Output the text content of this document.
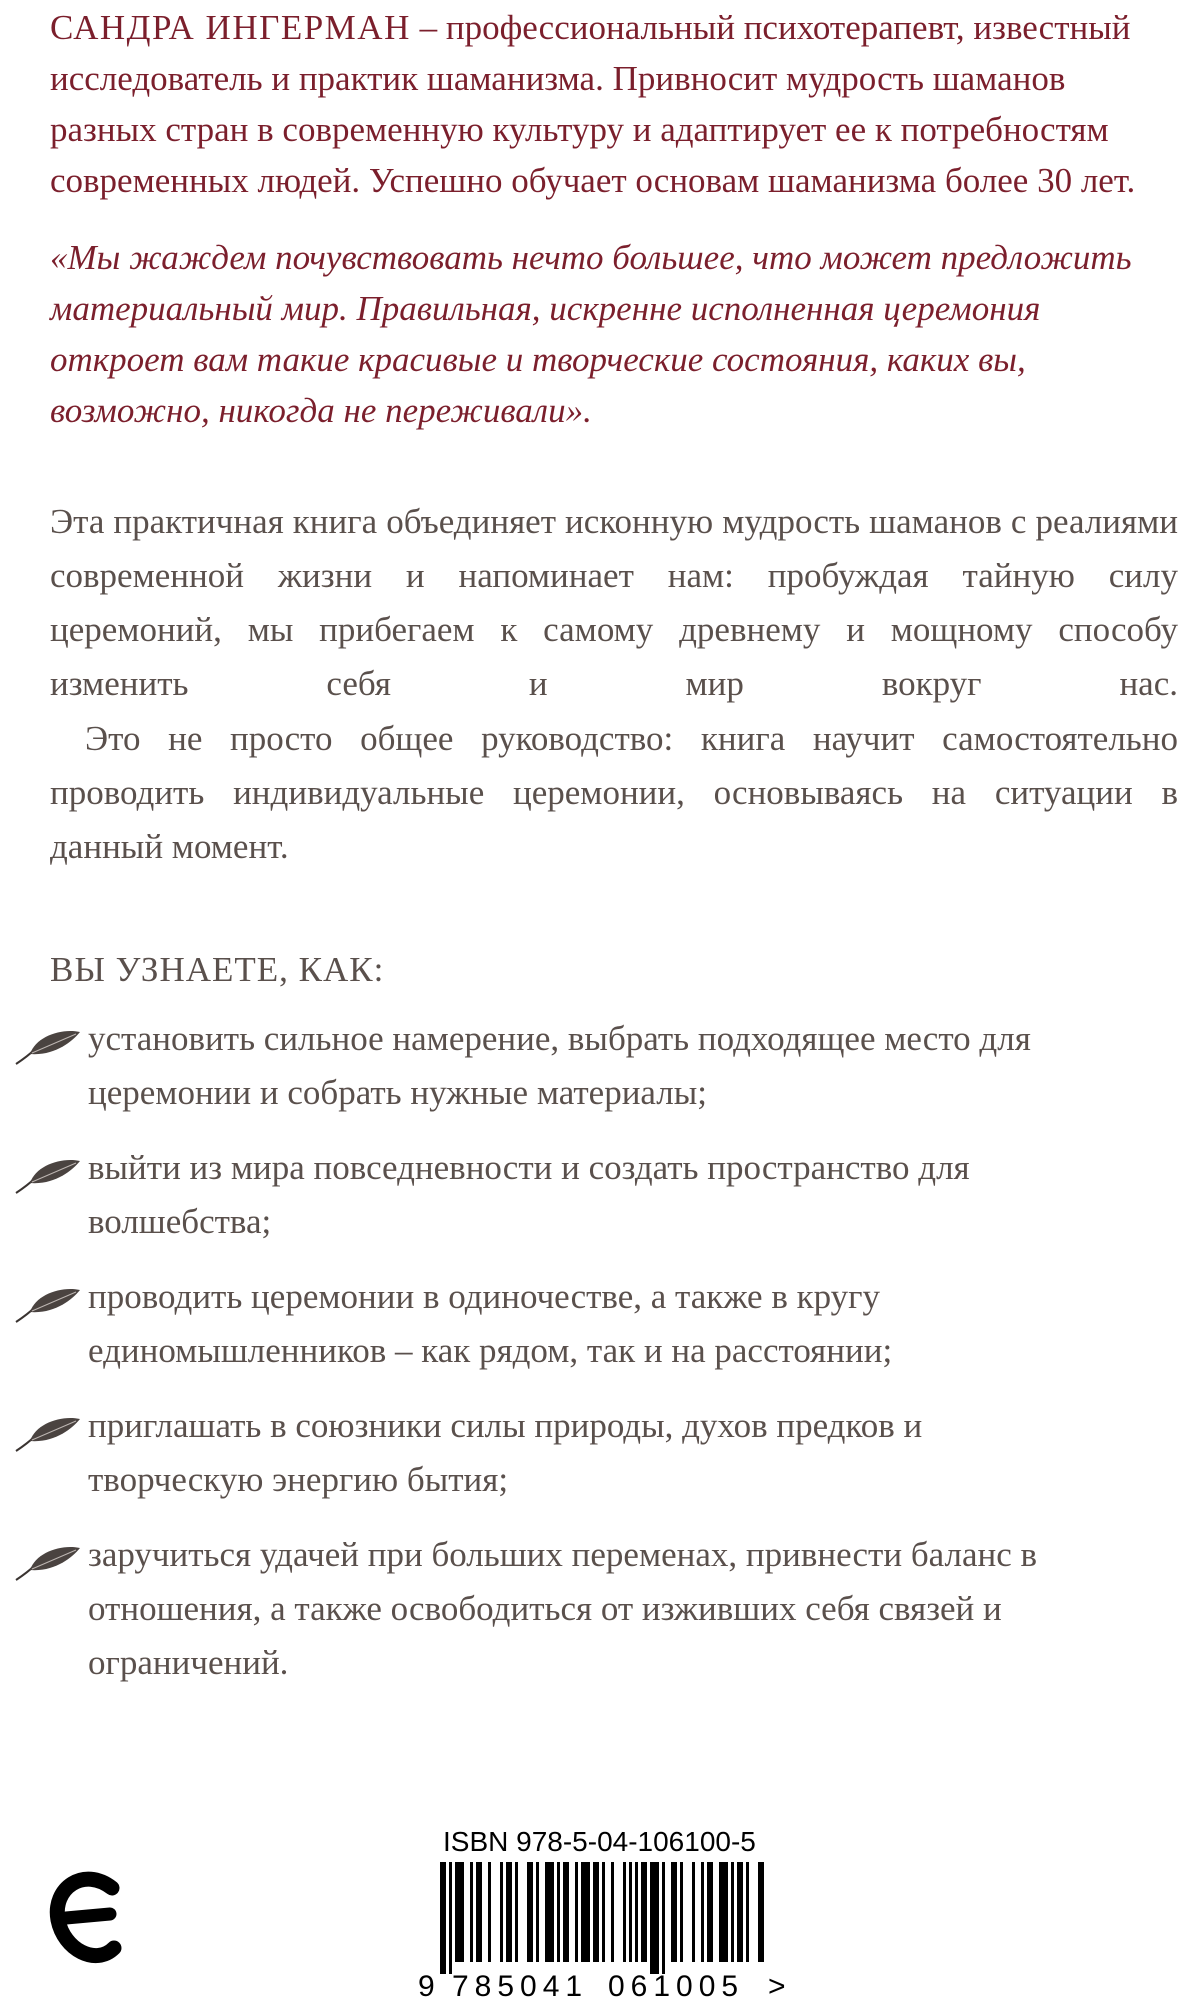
САНДРА ИНГЕРМАН – профессиональный психотерапевт, известный исследователь и практик шаманизма. Привносит мудрость шаманов разных стран в современную культуру и адаптирует ее к потребностям современных людей. Успешно обучает основам шаманизма более 30 лет.

«Мы жаждем почувствовать нечто большее, что может предложить материальный мир. Правильная, искренне исполненная церемония откроет вам такие красивые и творческие состояния, каких вы, возможно, никогда не переживали».

Эта практичная книга объединяет исконную мудрость шаманов с реалиями современной жизни и напоминает нам: пробуждая тайную силу церемоний, мы прибегаем к самому древнему и мощному способу изменить себя и мир вокруг нас.

Это не просто общее руководство: книга научит самостоятельно проводить индивидуальные церемонии, основываясь на ситуации в данный момент.

ВЫ УЗНАЕТЕ, КАК:

установить сильное намерение, выбрать подходящее место для церемонии и собрать нужные материалы;
выйти из мира повседневности и создать пространство для волшебства;
проводить церемонии в одиночестве, а также в кругу единомышленников – как рядом, так и на расстоянии;
приглашать в союзники силы природы, духов предков и творческую энергию бытия;
заручиться удачей при больших переменах, привнести баланс в отношения, а также освободиться от изживших себя связей и ограничений.
ISBN 978-5-04-106100-5
9 785041 061005 >
